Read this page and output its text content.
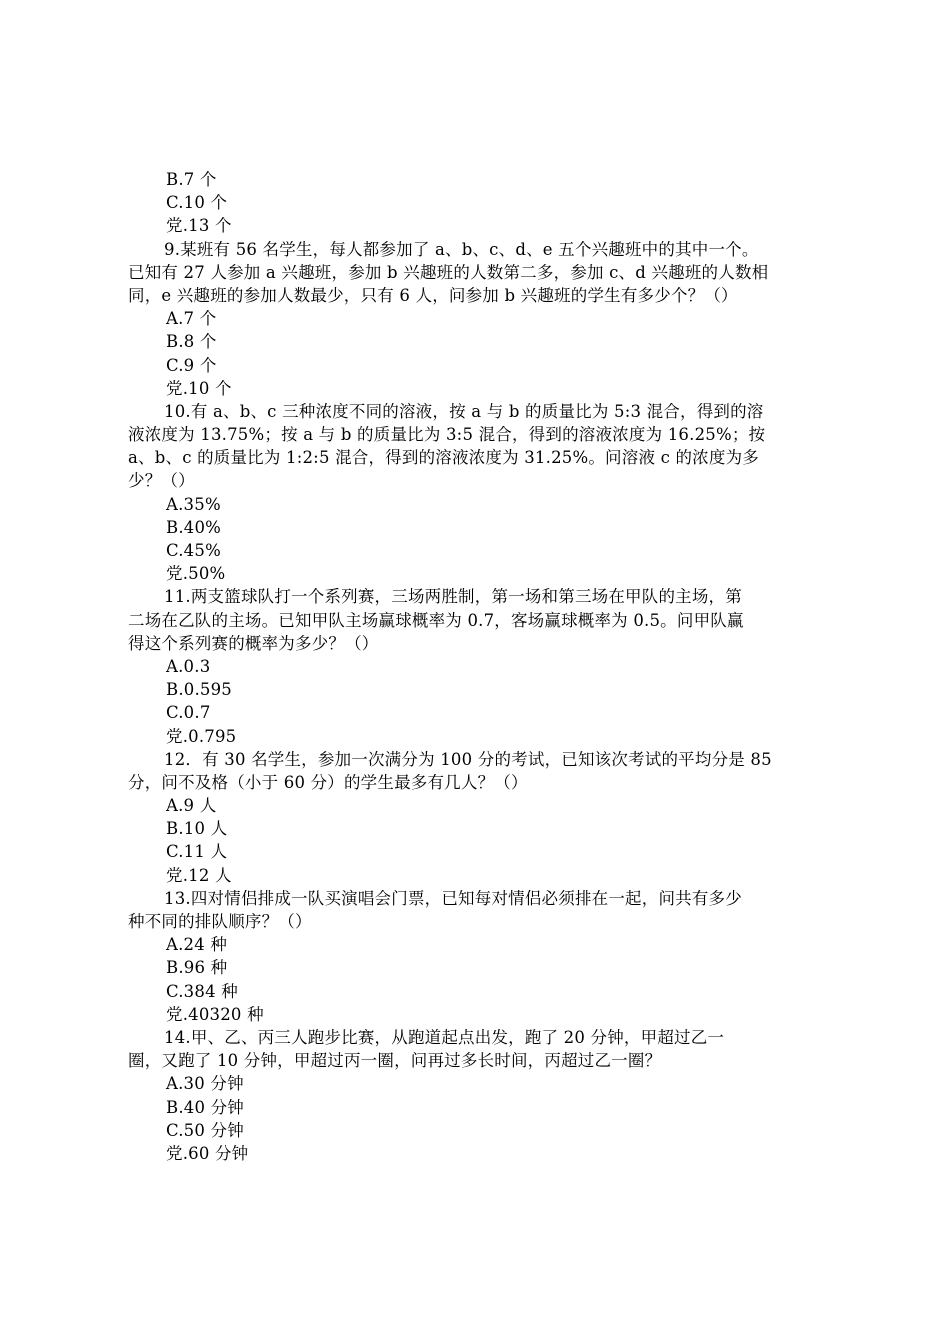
B.7 个
C.10 个
党.13 个
9.某班有 56 名学生，每人都参加了 a、b、c、d、e 五个兴趣班中的其中一个。
已知有 27 人参加 a 兴趣班，参加 b 兴趣班的人数第二多，参加 c、d 兴趣班的人数相
同，e 兴趣班的参加人数最少，只有 6 人，问参加 b 兴趣班的学生有多少个？（）
A.7 个
B.8 个
C.9 个
党.10 个
10.有 a、b、c 三种浓度不同的溶液，按 a 与 b 的质量比为 5:3 混合，得到的溶
液浓度为 13.75%；按 a 与 b 的质量比为 3:5 混合，得到的溶液浓度为 16.25%；按
a、b、c 的质量比为 1:2:5 混合，得到的溶液浓度为 31.25%。问溶液 c 的浓度为多
少？（）
A.35%
B.40%
C.45%
党.50%
11.两支篮球队打一个系列赛，三场两胜制，第一场和第三场在甲队的主场，第
二场在乙队的主场。已知甲队主场赢球概率为 0.7，客场赢球概率为 0.5。问甲队赢
得这个系列赛的概率为多少？（）
A.0.3
B.0.595
C.0.7
党.0.795
12．有 30 名学生，参加一次满分为 100 分的考试，已知该次考试的平均分是 85
分，问不及格（小于 60 分）的学生最多有几人？（）
A.9 人
B.10 人
C.11 人
党.12 人
13.四对情侣排成一队买演唱会门票，已知每对情侣必须排在一起，问共有多少
种不同的排队顺序？（）
A.24 种
B.96 种
C.384 种
党.40320 种
14.甲、乙、丙三人跑步比赛，从跑道起点出发，跑了 20 分钟，甲超过乙一
圈，又跑了 10 分钟，甲超过丙一圈，问再过多长时间，丙超过乙一圈？
A.30 分钟
B.40 分钟
C.50 分钟
党.60 分钟
